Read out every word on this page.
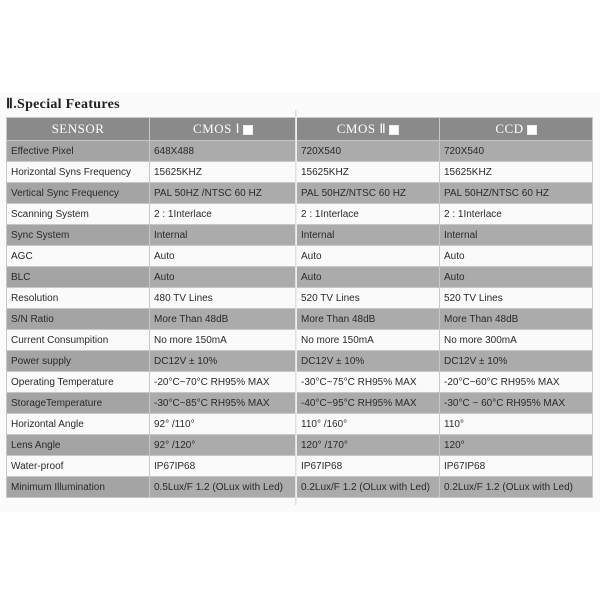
Ⅱ.Special Features
SENSOR	CMOS Ⅰ	CMOS Ⅱ	CCD
Effective Pixel	648X488	720X540	720X540
Horizontal Syns Frequency	15625KHZ	15625KHZ	15625KHZ
Vertical Sync Frequency	PAL 50HZ /NTSC 60 HZ	PAL 50HZ/NTSC 60 HZ	PAL 50HZ/NTSC 60 HZ
Scanning System	2 : 1Interlace	2 : 1Interlace	2 : 1Interlace
Sync System	Internal	Internal	Internal
AGC	Auto	Auto	Auto
BLC	Auto	Auto	Auto
Resolution	480 TV Lines	520 TV Lines	520 TV Lines
S/N Ratio	More Than 48dB	More Than 48dB	More Than 48dB
Current Consumpition	No more 150mA	No more 150mA	No more 300mA
Power supply	DC12V ± 10%	DC12V ± 10%	DC12V ± 10%
Operating Temperature	-20°C~70°C RH95% MAX	-30°C~75°C RH95% MAX	-20°C~60°C RH95% MAX
StorageTemperature	-30°C~85°C RH95% MAX	-40°C~95°C RH95% MAX	-30°C ~ 60°C RH95% MAX
Horizontal Angle	92° /110°	110° /160°	110°
Lens Angle	92° /120°	120° /170°	120°
Water-proof	IP67IP68	IP67IP68	IP67IP68
Minimum Illumination	0.5Lux/F 1.2 (OLux with Led)	0.2Lux/F 1.2 (OLux with Led)	0.2Lux/F 1.2 (OLux with Led)
